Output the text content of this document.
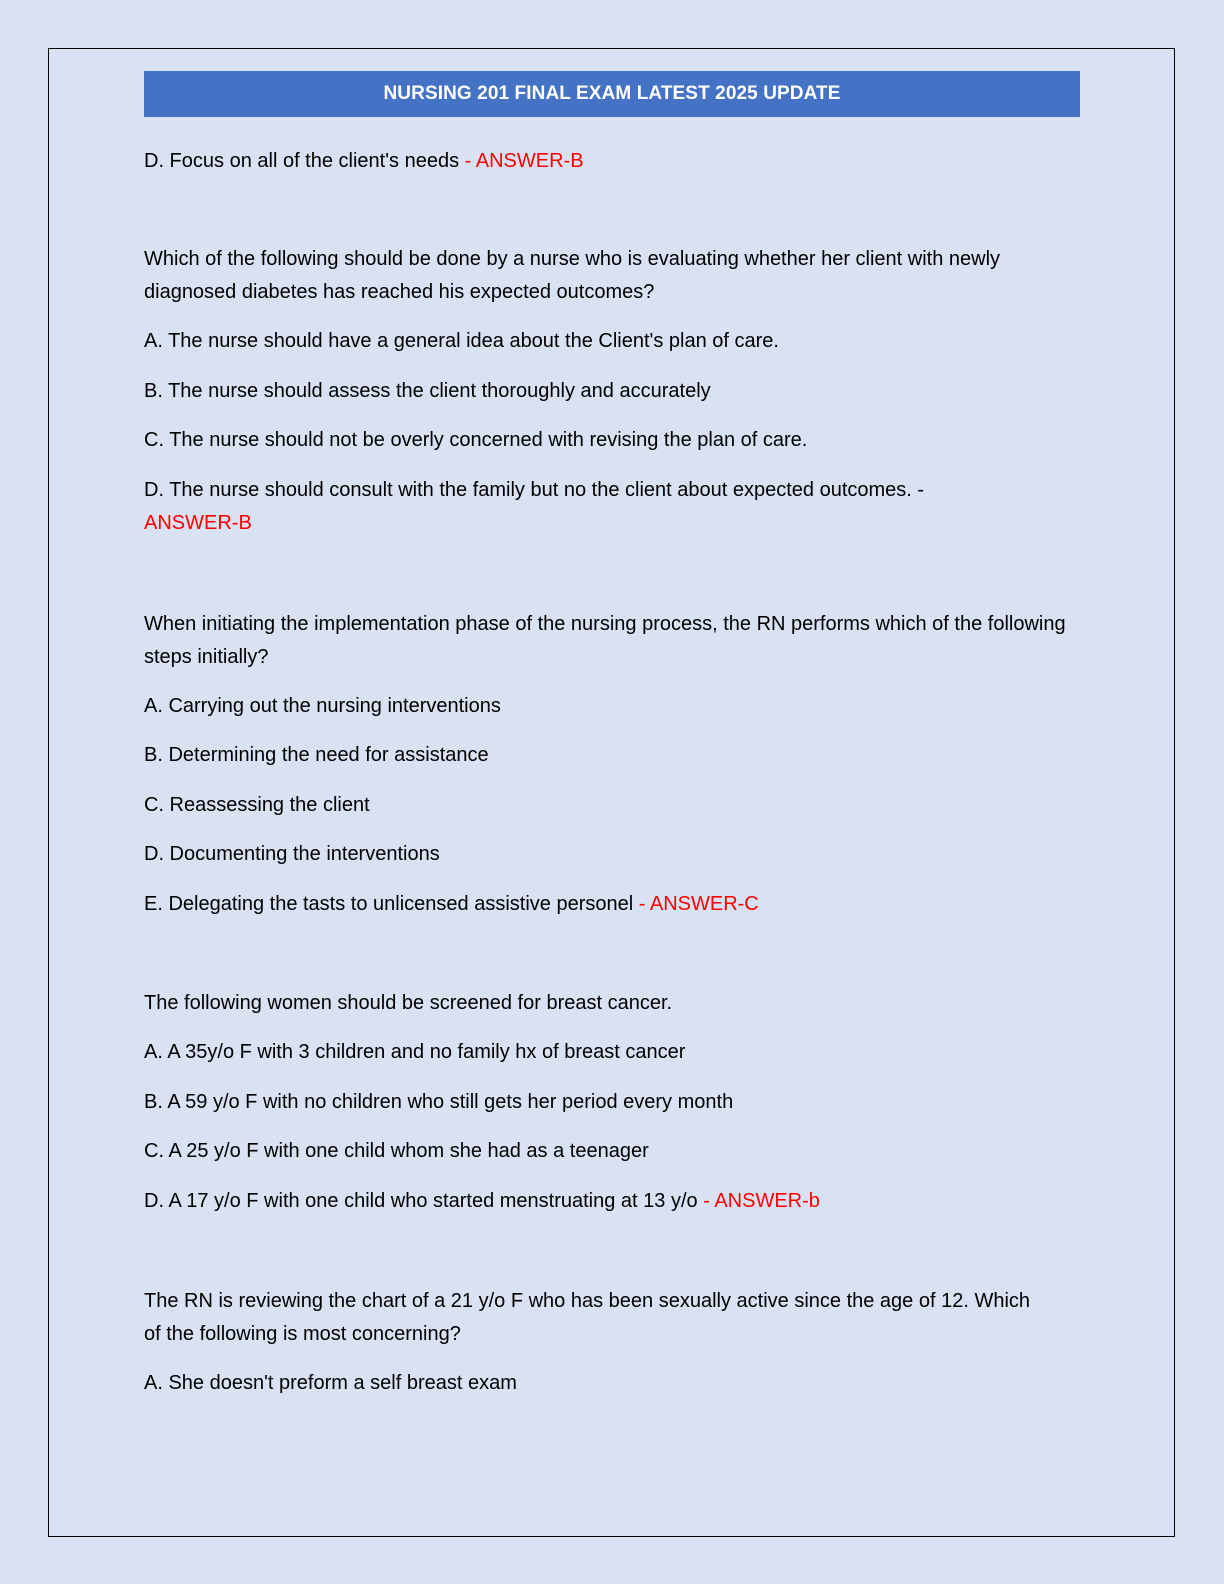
NURSING 201 FINAL EXAM LATEST 2025 UPDATE

D. Focus on all of the client's needs - ANSWER-B

Which of the following should be done by a nurse who is evaluating whether her client with newly diagnosed diabetes has reached his expected outcomes?

A. The nurse should have a general idea about the Client's plan of care.

B. The nurse should assess the client thoroughly and accurately

C. The nurse should not be overly concerned with revising the plan of care.

D. The nurse should consult with the family but no the client about expected outcomes. -

ANSWER-B

When initiating the implementation phase of the nursing process, the RN performs which of the following steps initially?

A. Carrying out the nursing interventions

B. Determining the need for assistance

C. Reassessing the client

D. Documenting the interventions

E. Delegating the tasts to unlicensed assistive personel - ANSWER-C

The following women should be screened for breast cancer.

A. A 35y/o F with 3 children and no family hx of breast cancer

B. A 59 y/o F with no children who still gets her period every month

C. A 25 y/o F with one child whom she had as a teenager

D. A 17 y/o F with one child who started menstruating at 13 y/o - ANSWER-b

The RN is reviewing the chart of a 21 y/o F who has been sexually active since the age of 12. Which of the following is most concerning?

A. She doesn't preform a self breast exam
